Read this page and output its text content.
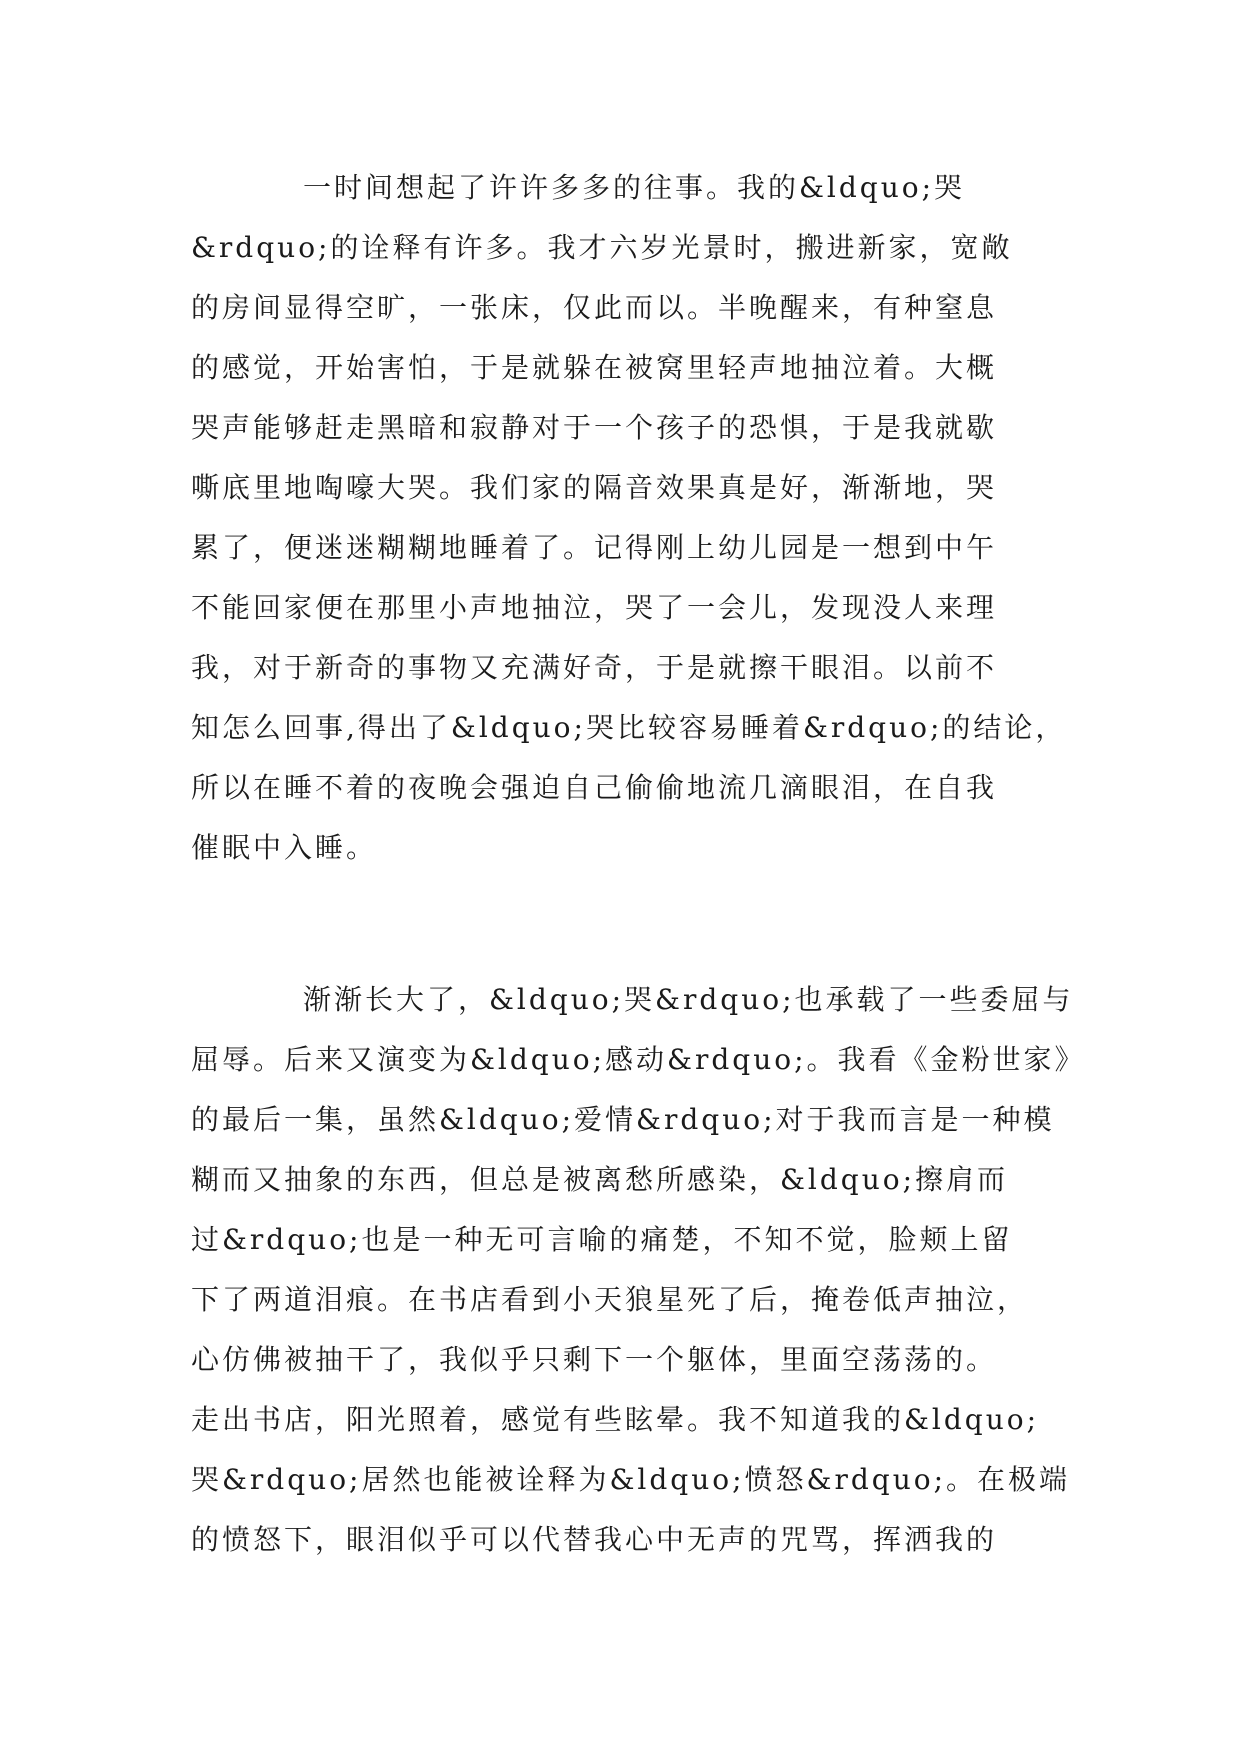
一时间想起了许许多多的往事。我的&ldquo;哭
&rdquo;的诠释有许多。我才六岁光景时，搬进新家，宽敞
的房间显得空旷，一张床，仅此而以。半晚醒来，有种窒息
的感觉，开始害怕，于是就躲在被窝里轻声地抽泣着。大概
哭声能够赶走黑暗和寂静对于一个孩子的恐惧，于是我就歇
嘶底里地啕嚎大哭。我们家的隔音效果真是好，渐渐地，哭
累了，便迷迷糊糊地睡着了。记得刚上幼儿园是一想到中午
不能回家便在那里小声地抽泣，哭了一会儿，发现没人来理
我，对于新奇的事物又充满好奇，于是就擦干眼泪。以前不
知怎么回事,得出了&ldquo;哭比较容易睡着&rdquo;的结论，
所以在睡不着的夜晚会强迫自己偷偷地流几滴眼泪，在自我
催眠中入睡。
渐渐长大了，&ldquo;哭&rdquo;也承载了一些委屈与
屈辱。后来又演变为&ldquo;感动&rdquo;。我看《金粉世家》
的最后一集，虽然&ldquo;爱情&rdquo;对于我而言是一种模
糊而又抽象的东西，但总是被离愁所感染，&ldquo;擦肩而
过&rdquo;也是一种无可言喻的痛楚，不知不觉，脸颊上留
下了两道泪痕。在书店看到小天狼星死了后，掩卷低声抽泣，
心仿佛被抽干了，我似乎只剩下一个躯体，里面空荡荡的。
走出书店，阳光照着，感觉有些眩晕。我不知道我的&ldquo;
哭&rdquo;居然也能被诠释为&ldquo;愤怒&rdquo;。在极端
的愤怒下，眼泪似乎可以代替我心中无声的咒骂，挥洒我的
